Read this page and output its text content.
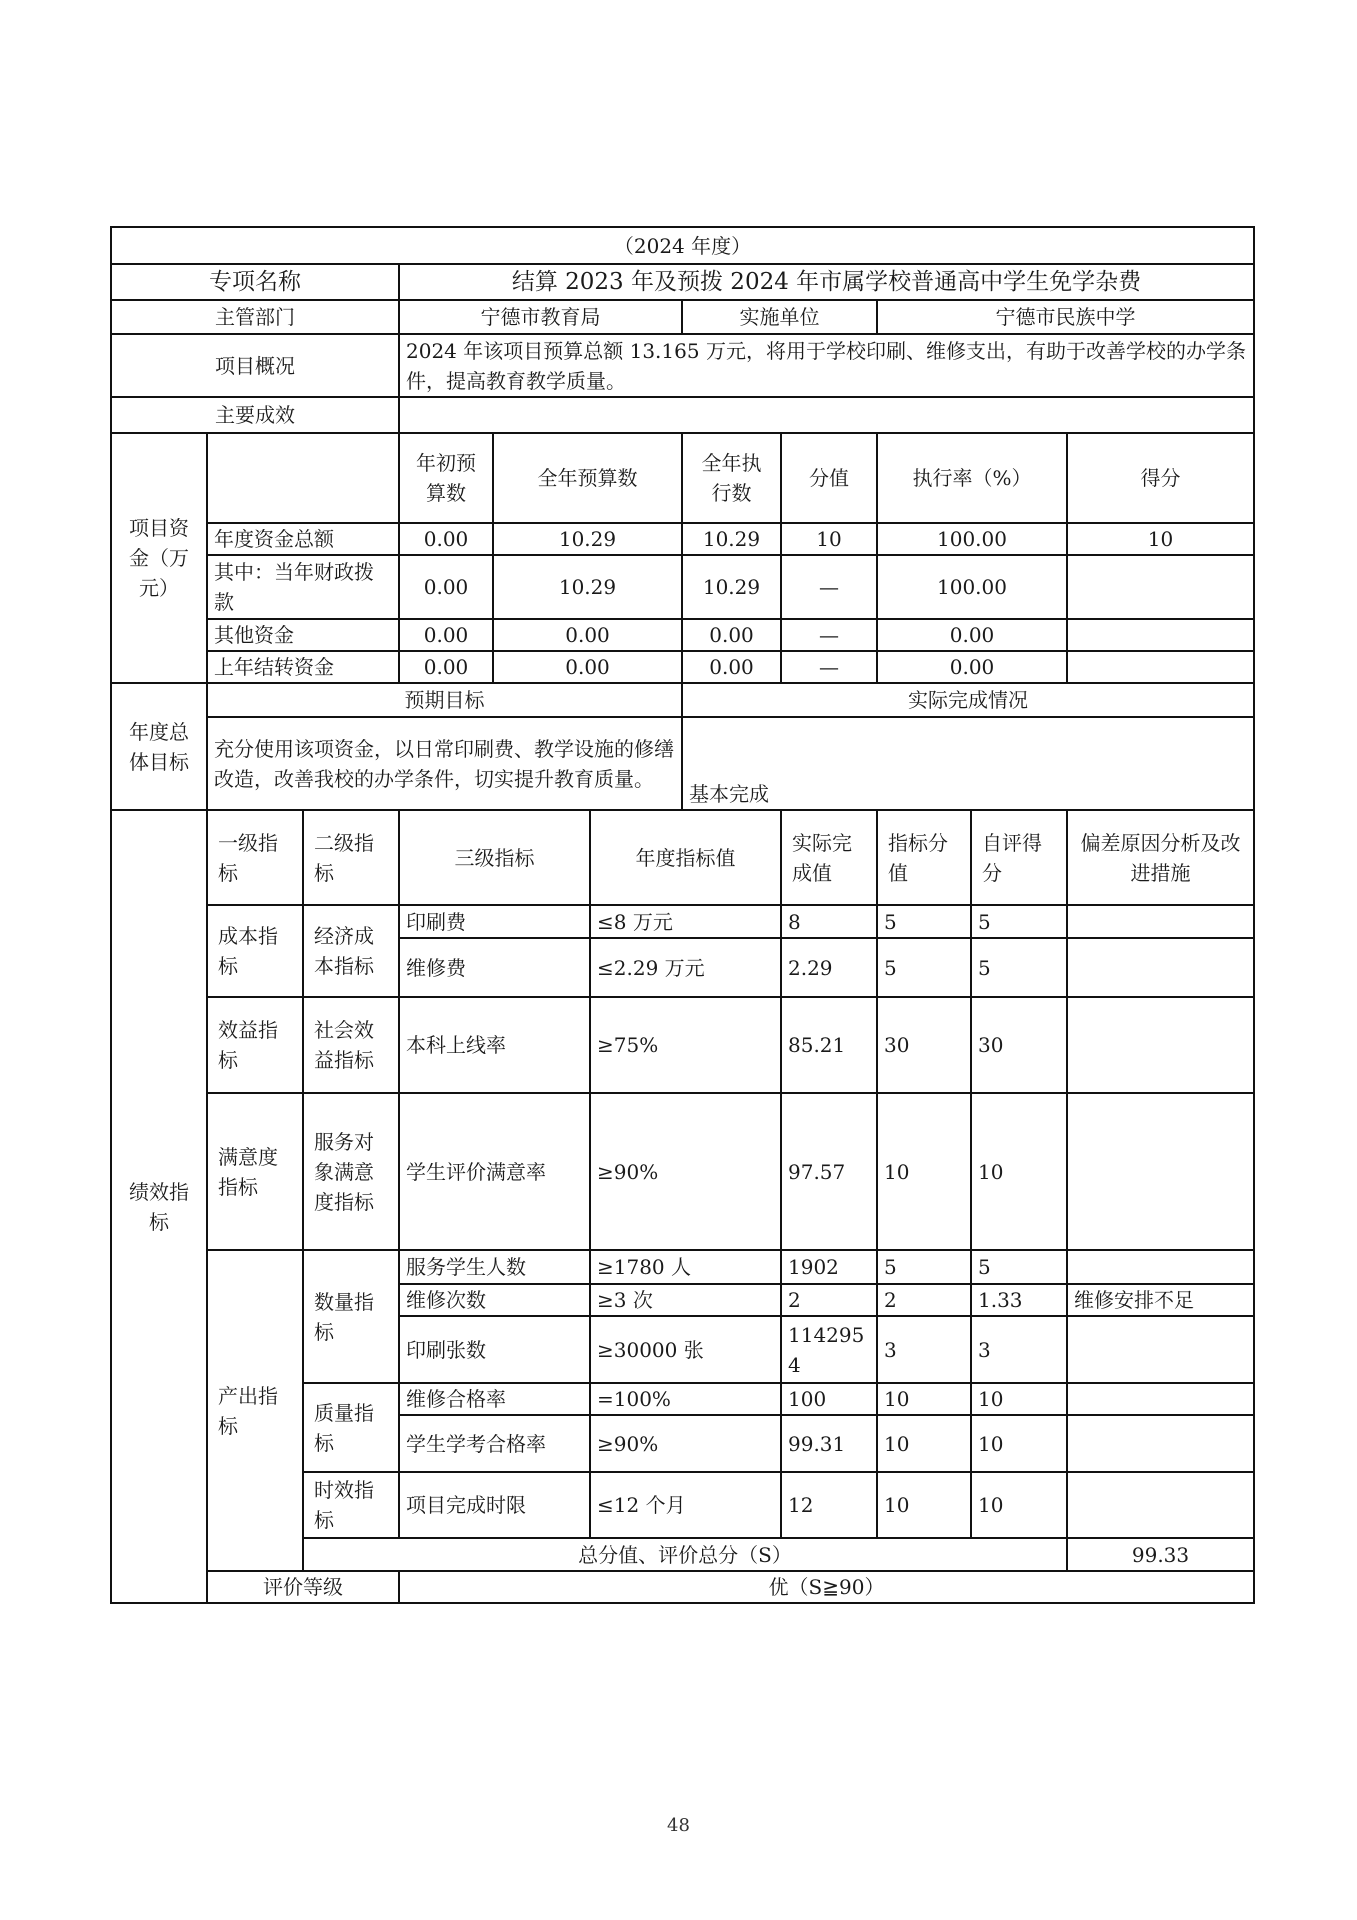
（2024 年度）										
专项名称			结算 2023 年及预拨 2024 年市属学校普通高中学生免学杂费							
主管部门			宁德市教育局			实施单位		宁德市民族中学		
项目概况			2024 年该项目预算总额 13.165 万元，将用于学校印刷、维修支出，有助于改善学校的办学条件，提高教育教学质量。							
主要成效										
项目资金（万元）			年初预算数	全年预算数		全年执行数	分值	执行率（%）		得分
	年度资金总额		0.00	10.29		10.29	10	100.00		10
	其中：当年财政拨款		0.00	10.29		10.29	—	100.00		
	其他资金		0.00	0.00		0.00	—	0.00		
	上年结转资金		0.00	0.00		0.00	—	0.00		
年度总体目标	预期目标					实际完成情况				
	充分使用该项资金，以日常印刷费、教学设施的修缮改造，改善我校的办学条件，切实提升教育质量。					基本完成				
绩效指标	一级指标	二级指标	三级指标		年度指标值		实际完成值	指标分值	自评得分	偏差原因分析及改进措施
	成本指标	经济成本指标	印刷费		≤8 万元		8	5	5	
			维修费		≤2.29 万元		2.29	5	5	
	效益指标	社会效益指标	本科上线率		≥75%		85.21	30	30	
	满意度指标	服务对象满意度指标	学生评价满意率		≥90%		97.57	10	10	
	产出指标	数量指标	服务学生人数		≥1780 人		1902	5	5	
			维修次数		≥3 次		2	2	1.33	维修安排不足
			印刷张数		≥30000 张		1142954	3	3	
		质量指标	维修合格率		=100%		100	10	10	
			学生学考合格率		≥90%		99.31	10	10	
		时效指标	项目完成时限		≤12 个月		12	10	10	
		总分值、评价总分（S）								99.33
	评价等级		优（S≧90）							
48
